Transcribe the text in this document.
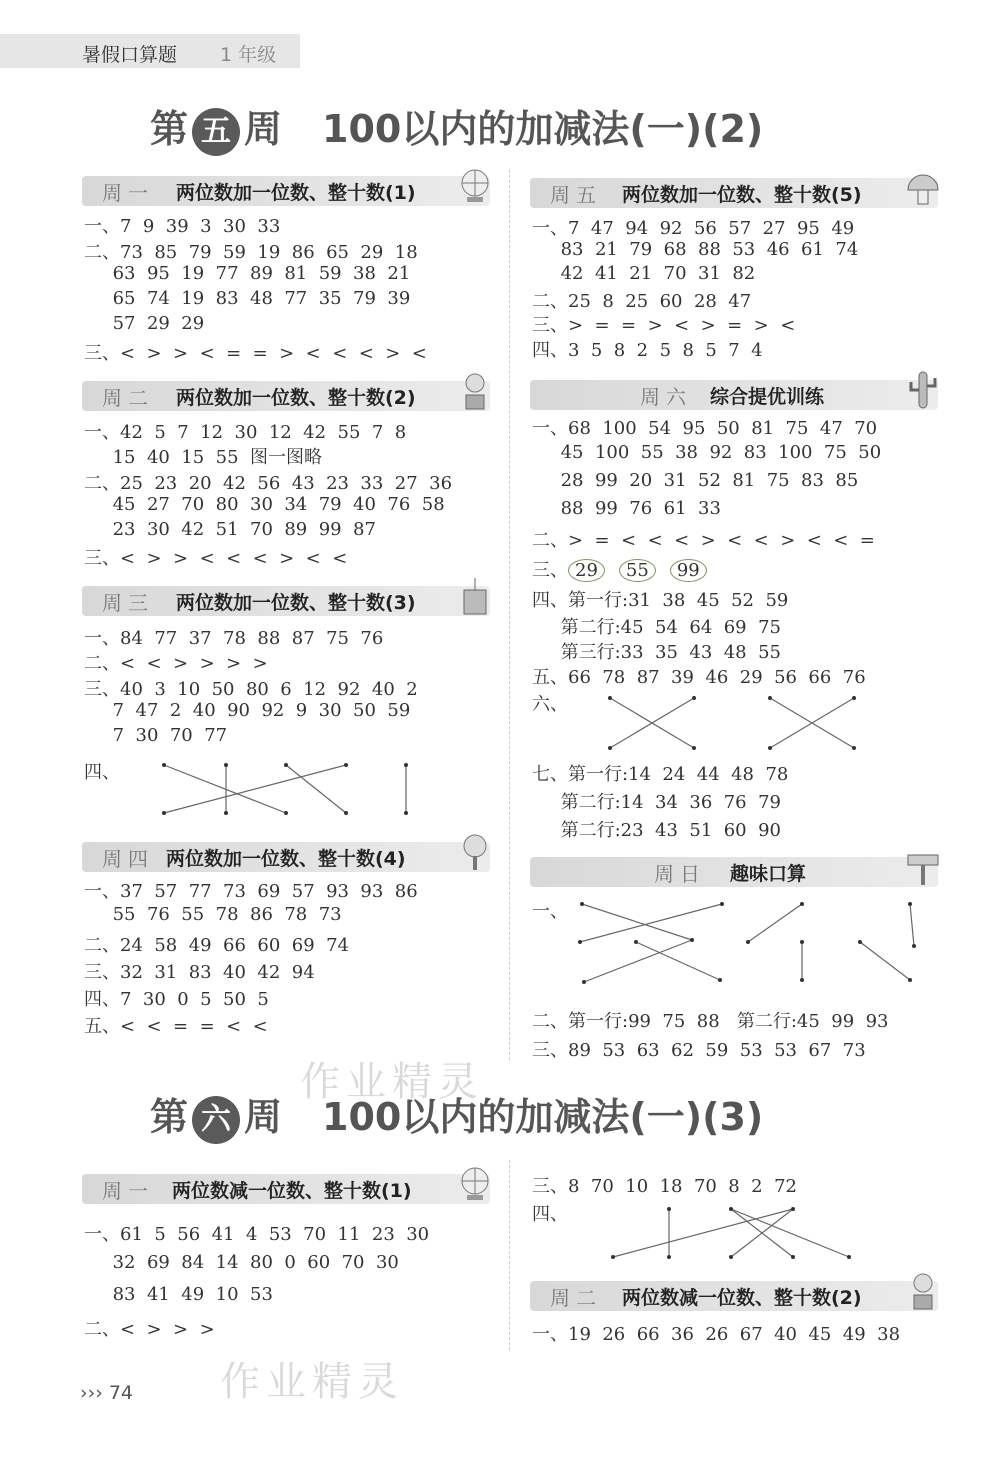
暑假口算题 1 年级
第 五 周 100以内的加减法(一)(2)
周一 两位数加一位数、整十数(1)
一、7  9  39  3  30  33
二、73  85  79  59  19  86  65  29  18
63  95  19  77  89  81  59  38  21
65  74  19  83  48  77  35  79  39
57  29  29
三、<  >  >  <  =  =  >  <  <  <  >  <
周二 两位数加一位数、整十数(2)
一、42  5  7  12  30  12  42  55  7  8
15  40  15  55  图一图略
二、25  23  20  42  56  43  23  33  27  36
45  27  70  80  30  34  79  40  76  58
23  30  42  51  70  89  99  87
三、<  >  >  <  <  <  >  <  <
周三 两位数加一位数、整十数(3)
一、84  77  37  78  88  87  75  76
二、<  <  >  >  >  >
三、40  3  10  50  80  6  12  92  40  2
7  47  2  40  90  92  9  30  50  59
7  30  70  77
四、
周四 两位数加一位数、整十数(4)
一、37  57  77  73  69  57  93  93  86
55  76  55  78  86  78  73
二、24  58  49  66  60  69  74
三、32  31  83  40  42  94
四、7  30  0  5  50  5
五、<  <  =  =  <  <
周五 两位数加一位数、整十数(5)
一、7  47  94  92  56  57  27  95  49
83  21  79  68  88  53  46  61  74
42  41  21  70  31  82
二、25  8  25  60  28  47
三、>  =  =  >  <  >  =  >  <
四、3  5  8  2  5  8  5  7  4
周六 综合提优训练
一、68  100  54  95  50  81  75  47  70
45  100  55  38  92  83  100  75  50
28  99  20  31  52  81  75  83  85
88  99  76  61  33
二、>  =  <  <  <  >  <  <  >  <  <  =
三、 29 55 99
四、第一行:31  38  45  52  59
第二行:45  54  64  69  75
第三行:33  35  43  48  55
五、66  78  87  39  46  29  56  66  76
六、
七、第一行:14  24  44  48  78
第二行:14  34  36  76  79
第二行:23  43  51  60  90
周日 趣味口算
一、
二、第一行:99  75  88   第二行:45  99  93
三、89  53  63  62  59  53  53  67  73
第 六 周 100以内的加减法(一)(3)
周一 两位数减一位数、整十数(1)
一、61  5  56  41  4  53  70  11  23  30
32  69  84  14  80  0  60  70  30
83  41  49  10  53
二、<  >  >  >
三、8  70  10  18  70  8  2  72
四、
周二 两位数减一位数、整十数(2)
一、19  26  66  36  26  67  40  45  49  38
››› 74
作业精灵
作业精灵
